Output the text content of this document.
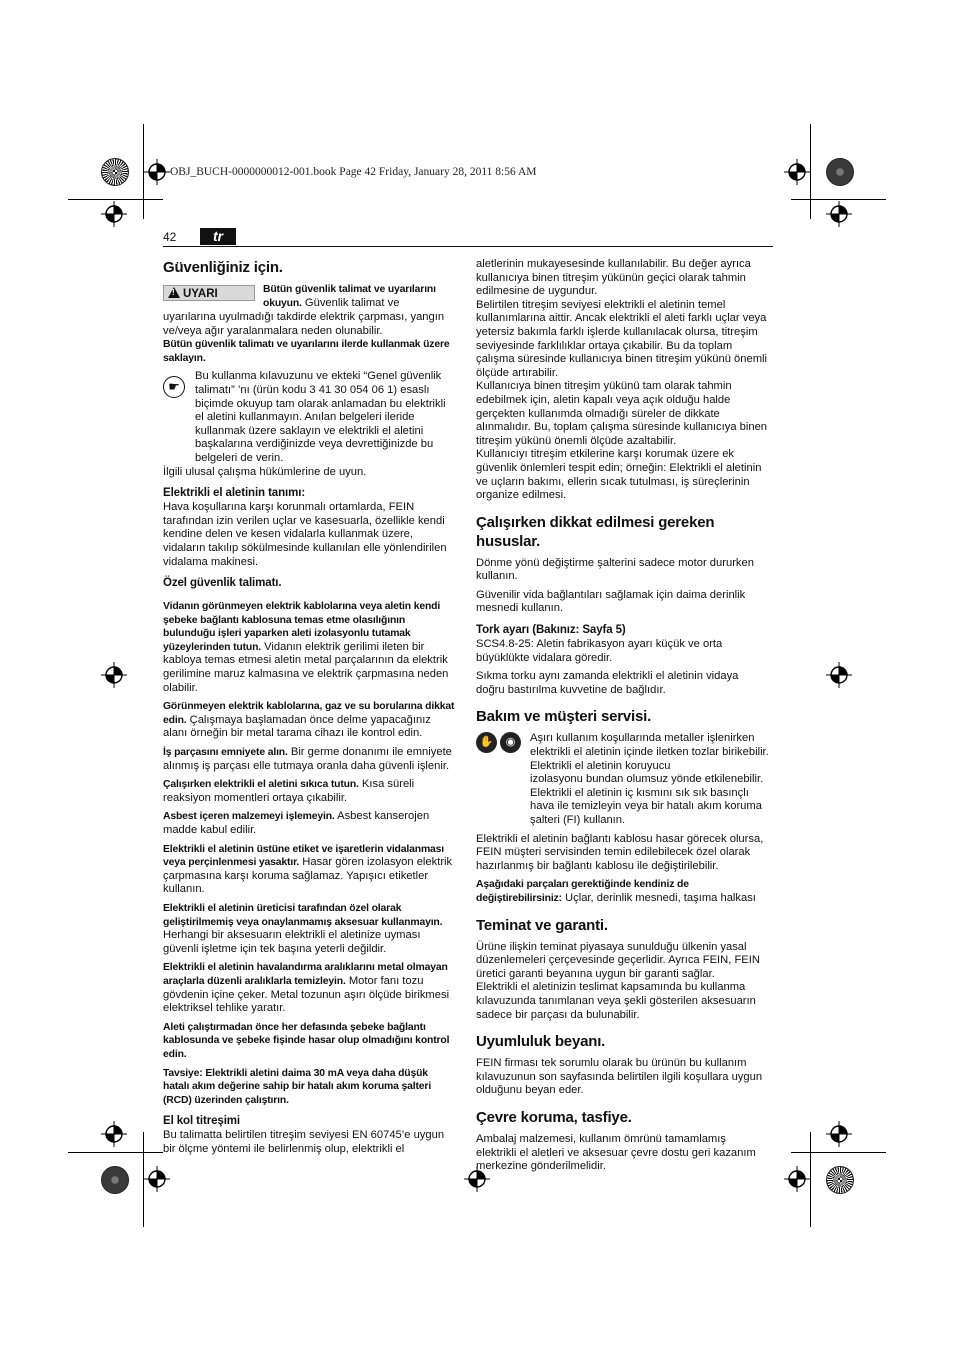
OBJ_BUCH-0000000012-001.book Page 42 Friday, January 28, 2011 8:56 AM
42	tr
Güvenliğiniz için.
!UYARI	Bütün güvenlik talimat ve uyarılarını okuyun. Güvenlik talimat ve

uyarılarına uyulmadığı takdirde elektrik çarpması, yangın ve/veya ağır yaralanmalara neden olunabilir.

Bütün güvenlik talimatı ve uyarılarını ilerde kullanmak üzere saklayın.

☛

Bu kullanma kılavuzunu ve ekteki “Genel güvenlik talimatı” ’nı (ürün kodu 3 41 30 054 06 1) esaslı biçimde okuyup tam olarak anlamadan bu elektrikli

el aletini kullanmayın. Anılan belgeleri ileride kullanmak üzere saklayın ve elektrikli el aletini başkalarına verdiğinizde veya devrettiğinizde bu belgeleri de verin.

İlgili ulusal çalışma hükümlerine de uyun.

Elektrikli el aletinin tanımı:

Hava koşullarına karşı korunmalı ortamlarda, FEIN tarafından izin verilen uçlar ve kasesuarla, özellikle kendi kendine delen ve kesen vidalarla kullanmak üzere, vidaların takılıp sökülmesinde kullanılan elle yönlendirilen vidalama makinesi.

Özel güvenlik talimatı.

Vidanın görünmeyen elektrik kablolarına veya aletin kendi şebeke bağlantı kablosuna temas etme olasılığının bulunduğu işleri yaparken aleti izolasyonlu tutamak yüzeylerinden tutun. Vidanın elektrik gerilimi ileten bir kabloya temas etmesi aletin metal parçalarının da elektrik gerilimine maruz kalmasına ve elektrik çarpmasına neden olabilir.

Görünmeyen elektrik kablolarına, gaz ve su borularına dikkat edin. Çalışmaya başlamadan önce delme yapacağınız alanı örneğin bir metal tarama cihazı ile kontrol edin.

İş parçasını emniyete alın. Bir germe donanımı ile emniyete alınmış iş parçası elle tutmaya oranla daha güvenli işlenir.

Çalışırken elektrikli el aletini sıkıca tutun. Kısa süreli reaksiyon momentleri ortaya çıkabilir.

Asbest içeren malzemeyi işlemeyin. Asbest kanserojen madde kabul edilir.

Elektrikli el aletinin üstüne etiket ve işaretlerin vidalanması veya perçinlenmesi yasaktır. Hasar gören izolasyon elektrik çarpmasına karşı koruma sağlamaz. Yapışıcı etiketler kullanın.

Elektrikli el aletinin üreticisi tarafından özel olarak geliştirilmemiş veya onaylanmamış aksesuar kullanmayın. Herhangi bir aksesuarın elektrikli el aletinize uyması güvenli işletme için tek başına yeterli değildir.

Elektrikli el aletinin havalandırma aralıklarını metal olmayan araçlarla düzenli aralıklarla temizleyin. Motor fanı tozu gövdenin içine çeker. Metal tozunun aşırı ölçüde birikmesi elektriksel tehlike yaratır.

Aleti çalıştırmadan önce her defasında şebeke bağlantı kablosunda ve şebeke fişinde hasar olup olmadığını kontrol edin.

Tavsiye: Elektrikli aletini daima 30 mA veya daha düşük hatalı akım değerine sahip bir hatalı akım koruma şalteri (RCD) üzerinden çalıştırın.

El kol titreşimi

Bu talimatta belirtilen titreşim seviyesi EN 60745’e uygun bir ölçme yöntemi ile belirlenmiş olup, elektrikli el

aletlerinin mukayesesinde kullanılabilir. Bu değer ayrıca kullanıcıya binen titreşim yükünün geçici olarak tahmin edilmesine de uygundur.

Belirtilen titreşim seviyesi elektrikli el aletinin temel kullanımlarına aittir. Ancak elektrikli el aleti farklı uçlar veya yetersiz bakımla farklı işlerde kullanılacak olursa, titreşim seviyesinde farklılıklar ortaya çıkabilir. Bu da toplam çalışma süresinde kullanıcıya binen titreşim yükünü önemli ölçüde artırabilir.

Kullanıcıya binen titreşim yükünü tam olarak tahmin edebilmek için, aletin kapalı veya açık olduğu halde gerçekten kullanımda olmadığı süreler de dikkate alınmalıdır. Bu, toplam çalışma süresinde kullanıcıya binen titreşim yükünü önemli ölçüde azaltabilir.

Kullanıcıyı titreşim etkilerine karşı korumak üzere ek güvenlik önlemleri tespit edin; örneğin: Elektrikli el aletinin ve uçların bakımı, ellerin sıcak tutulması, iş süreçlerinin organize edilmesi.

Çalışırken dikkat edilmesi gereken hususlar.

Dönme yönü değiştirme şalterini sadece motor dururken kullanın.

Güvenilir vida bağlantıları sağlamak için daima derinlik mesnedi kullanın.

Tork ayarı (Bakınız: Sayfa 5)

SCS4.8-25: Aletin fabrikasyon ayarı küçük ve orta büyüklükte vidalara göredir.

Sıkma torku aynı zamanda elektrikli el aletinin vidaya doğru bastırılma kuvvetine de bağlıdır.

Bakım ve müşteri servisi.
✋ ◉	Aşırı kullanım koşullarında metaller işlenirken elektrikli el aletinin içinde iletken tozlar birikebilir. Elektrikli el aletinin koruyucu

izolasyonu bundan olumsuz yönde etkilenebilir. Elektrikli el aletinin iç kısmını sık sık basınçlı hava ile temizleyin veya bir hatalı akım koruma şalteri (FI) kullanın.

Elektrikli el aletinin bağlantı kablosu hasar görecek olursa, FEIN müşteri servisinden temin edilebilecek özel olarak hazırlanmış bir bağlantı kablosu ile değiştirilebilir.

Aşağıdaki parçaları gerektiğinde kendiniz de değiştirebilirsiniz: Uçlar, derinlik mesnedi, taşıma halkası

Teminat ve garanti.

Ürüne ilişkin teminat piyasaya sunulduğu ülkenin yasal düzenlemeleri çerçevesinde geçerlidir. Ayrıca FEIN, FEIN üretici garanti beyanına uygun bir garanti sağlar.

Elektrikli el aletinizin teslimat kapsamında bu kullanma kılavuzunda tanımlanan veya şekli gösterilen aksesuarın sadece bir parçası da bulunabilir.

Uyumluluk beyanı.

FEIN firması tek sorumlu olarak bu ürünün bu kullanım kılavuzunun son sayfasında belirtilen ilgili koşullara uygun olduğunu beyan eder.

Çevre koruma, tasfiye.

Ambalaj malzemesi, kullanım ömrünü tamamlamış elektrikli el aletleri ve aksesuar çevre dostu geri kazanım merkezine gönderilmelidir.
